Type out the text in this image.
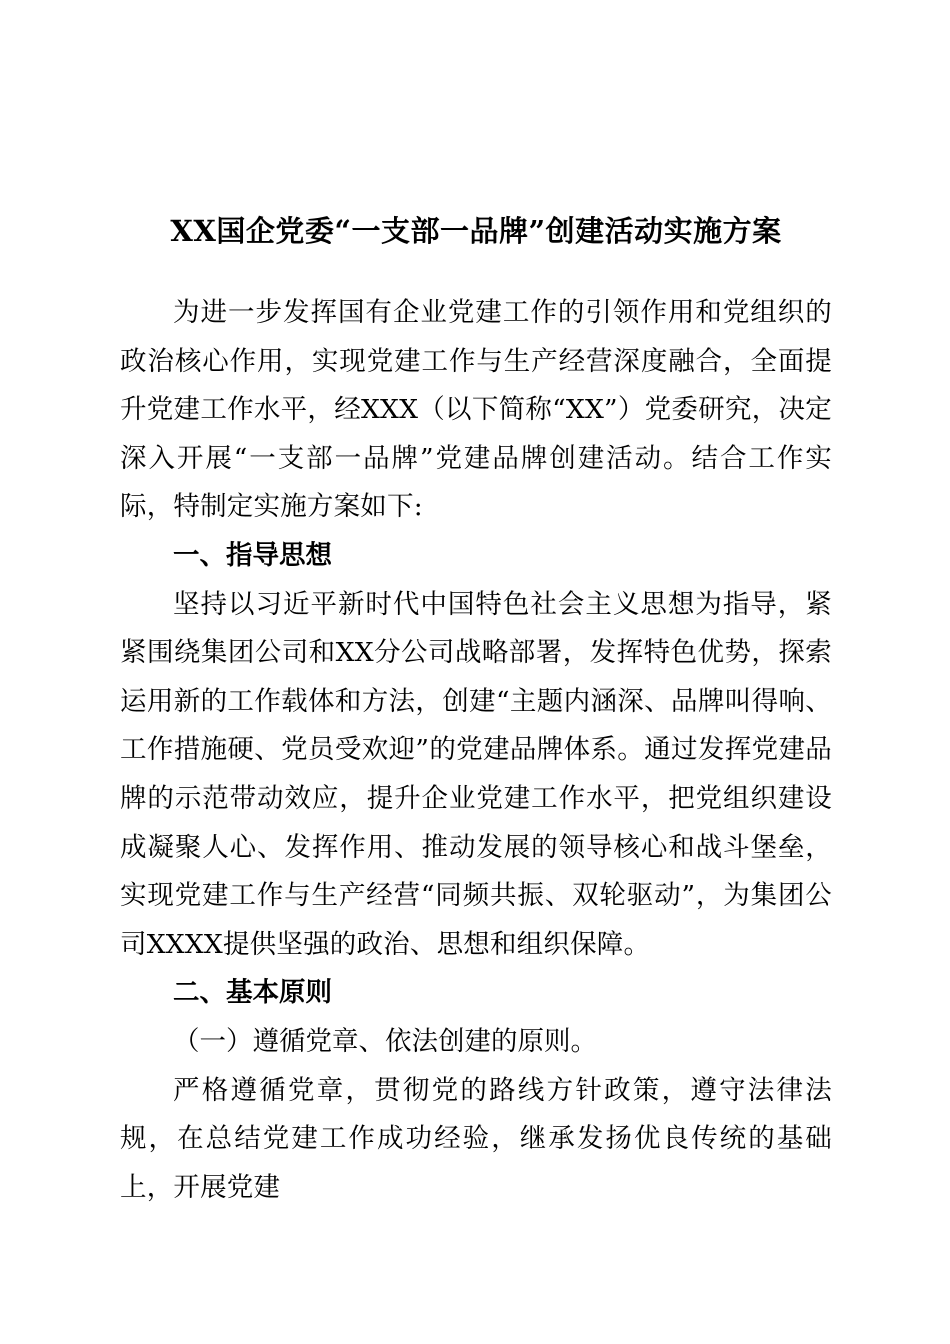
XX国企党委“一支部一品牌”创建活动实施方案

为进一步发挥国有企业党建工作的引领作用和党组织的政治核心作用，实现党建工作与生产经营深度融合，全面提升党建工作水平，经XXX（以下简称“XX”）党委研究，决定深入开展“一支部一品牌”党建品牌创建活动。结合工作实际，特制定实施方案如下:

一、指导思想

坚持以习近平新时代中国特色社会主义思想为指导，紧紧围绕集团公司和XX分公司战略部署，发挥特色优势，探索运用新的工作载体和方法，创建“主题内涵深、品牌叫得响、工作措施硬、党员受欢迎”的党建品牌体系。通过发挥党建品牌的示范带动效应，提升企业党建工作水平，把党组织建设成凝聚人心、发挥作用、推动发展的领导核心和战斗堡垒，实现党建工作与生产经营“同频共振、双轮驱动”，为集团公司XXXX提供坚强的政治、思想和组织保障。

二、基本原则

（一）遵循党章、依法创建的原则。

严格遵循党章，贯彻党的路线方针政策，遵守法律法规，在总结党建工作成功经验，继承发扬优良传统的基础上，开展党建
